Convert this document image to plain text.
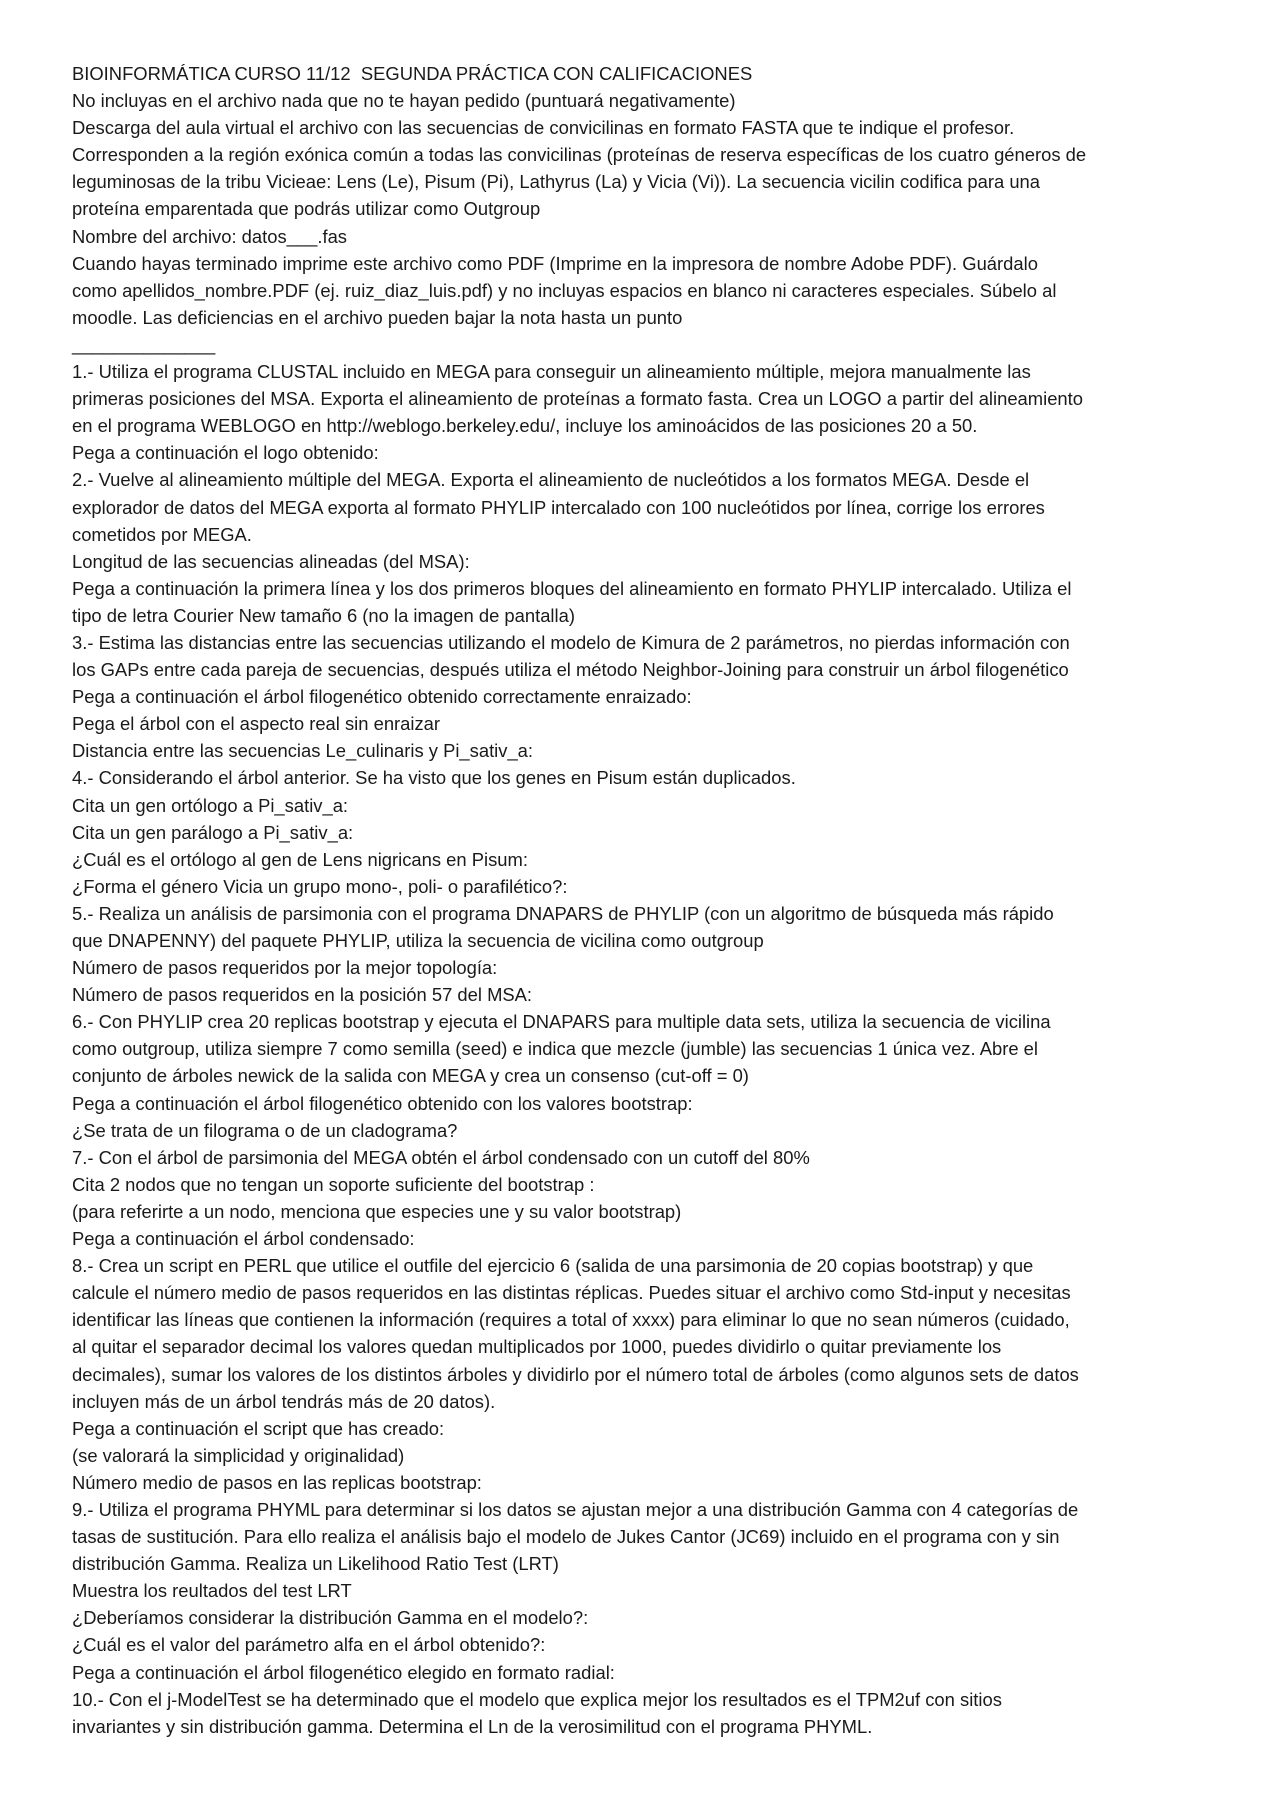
BIOINFORMÁTICA CURSO 11/12  SEGUNDA PRÁCTICA CON CALIFICACIONES

No incluyas en el archivo nada que no te hayan pedido (puntuará negativamente)

Descarga del aula virtual el archivo con las secuencias de convicilinas en formato FASTA que te indique el profesor.

Corresponden a la región exónica común a todas las convicilinas (proteínas de reserva específicas de los cuatro géneros de

leguminosas de la tribu Vicieae: Lens (Le), Pisum (Pi), Lathyrus (La) y Vicia (Vi)). La secuencia vicilin codifica para una

proteína emparentada que podrás utilizar como Outgroup

Nombre del archivo: datos___.fas

Cuando hayas terminado imprime este archivo como PDF (Imprime en la impresora de nombre Adobe PDF). Guárdalo

como apellidos_nombre.PDF (ej. ruiz_diaz_luis.pdf) y no incluyas espacios en blanco ni caracteres especiales. Súbelo al

moodle. Las deficiencias en el archivo pueden bajar la nota hasta un punto

______________

1.- Utiliza el programa CLUSTAL incluido en MEGA para conseguir un alineamiento múltiple, mejora manualmente las

primeras posiciones del MSA. Exporta el alineamiento de proteínas a formato fasta. Crea un LOGO a partir del alineamiento

en el programa WEBLOGO en http://weblogo.berkeley.edu/, incluye los aminoácidos de las posiciones 20 a 50.

Pega a continuación el logo obtenido:

2.- Vuelve al alineamiento múltiple del MEGA. Exporta el alineamiento de nucleótidos a los formatos MEGA. Desde el

explorador de datos del MEGA exporta al formato PHYLIP intercalado con 100 nucleótidos por línea, corrige los errores

cometidos por MEGA.

Longitud de las secuencias alineadas (del MSA):

Pega a continuación la primera línea y los dos primeros bloques del alineamiento en formato PHYLIP intercalado. Utiliza el

tipo de letra Courier New tamaño 6 (no la imagen de pantalla)

3.- Estima las distancias entre las secuencias utilizando el modelo de Kimura de 2 parámetros, no pierdas información con

los GAPs entre cada pareja de secuencias, después utiliza el método Neighbor-Joining para construir un árbol filogenético

Pega a continuación el árbol filogenético obtenido correctamente enraizado:

Pega el árbol con el aspecto real sin enraizar

Distancia entre las secuencias Le_culinaris y Pi_sativ_a:

4.- Considerando el árbol anterior. Se ha visto que los genes en Pisum están duplicados.

Cita un gen ortólogo a Pi_sativ_a:

Cita un gen parálogo a Pi_sativ_a:

¿Cuál es el ortólogo al gen de Lens nigricans en Pisum:

¿Forma el género Vicia un grupo mono-, poli- o parafilético?:

5.- Realiza un análisis de parsimonia con el programa DNAPARS de PHYLIP (con un algoritmo de búsqueda más rápido

que DNAPENNY) del paquete PHYLIP, utiliza la secuencia de vicilina como outgroup

Número de pasos requeridos por la mejor topología:

Número de pasos requeridos en la posición 57 del MSA:

6.- Con PHYLIP crea 20 replicas bootstrap y ejecuta el DNAPARS para multiple data sets, utiliza la secuencia de vicilina

como outgroup, utiliza siempre 7 como semilla (seed) e indica que mezcle (jumble) las secuencias 1 única vez. Abre el

conjunto de árboles newick de la salida con MEGA y crea un consenso (cut-off = 0)

Pega a continuación el árbol filogenético obtenido con los valores bootstrap:

¿Se trata de un filograma o de un cladograma?

7.- Con el árbol de parsimonia del MEGA obtén el árbol condensado con un cutoff del 80%

Cita 2 nodos que no tengan un soporte suficiente del bootstrap :

(para referirte a un nodo, menciona que especies une y su valor bootstrap)

Pega a continuación el árbol condensado:

8.- Crea un script en PERL que utilice el outfile del ejercicio 6 (salida de una parsimonia de 20 copias bootstrap) y que

calcule el número medio de pasos requeridos en las distintas réplicas. Puedes situar el archivo como Std-input y necesitas

identificar las líneas que contienen la información (requires a total of xxxx) para eliminar lo que no sean números (cuidado,

al quitar el separador decimal los valores quedan multiplicados por 1000, puedes dividirlo o quitar previamente los

decimales), sumar los valores de los distintos árboles y dividirlo por el número total de árboles (como algunos sets de datos

incluyen más de un árbol tendrás más de 20 datos).

Pega a continuación el script que has creado:

(se valorará la simplicidad y originalidad)

Número medio de pasos en las replicas bootstrap:

9.- Utiliza el programa PHYML para determinar si los datos se ajustan mejor a una distribución Gamma con 4 categorías de

tasas de sustitución. Para ello realiza el análisis bajo el modelo de Jukes Cantor (JC69) incluido en el programa con y sin

distribución Gamma. Realiza un Likelihood Ratio Test (LRT)

Muestra los reultados del test LRT

¿Deberíamos considerar la distribución Gamma en el modelo?:

¿Cuál es el valor del parámetro alfa en el árbol obtenido?:

Pega a continuación el árbol filogenético elegido en formato radial:

10.- Con el j-ModelTest se ha determinado que el modelo que explica mejor los resultados es el TPM2uf con sitios

invariantes y sin distribución gamma. Determina el Ln de la verosimilitud con el programa PHYML.
